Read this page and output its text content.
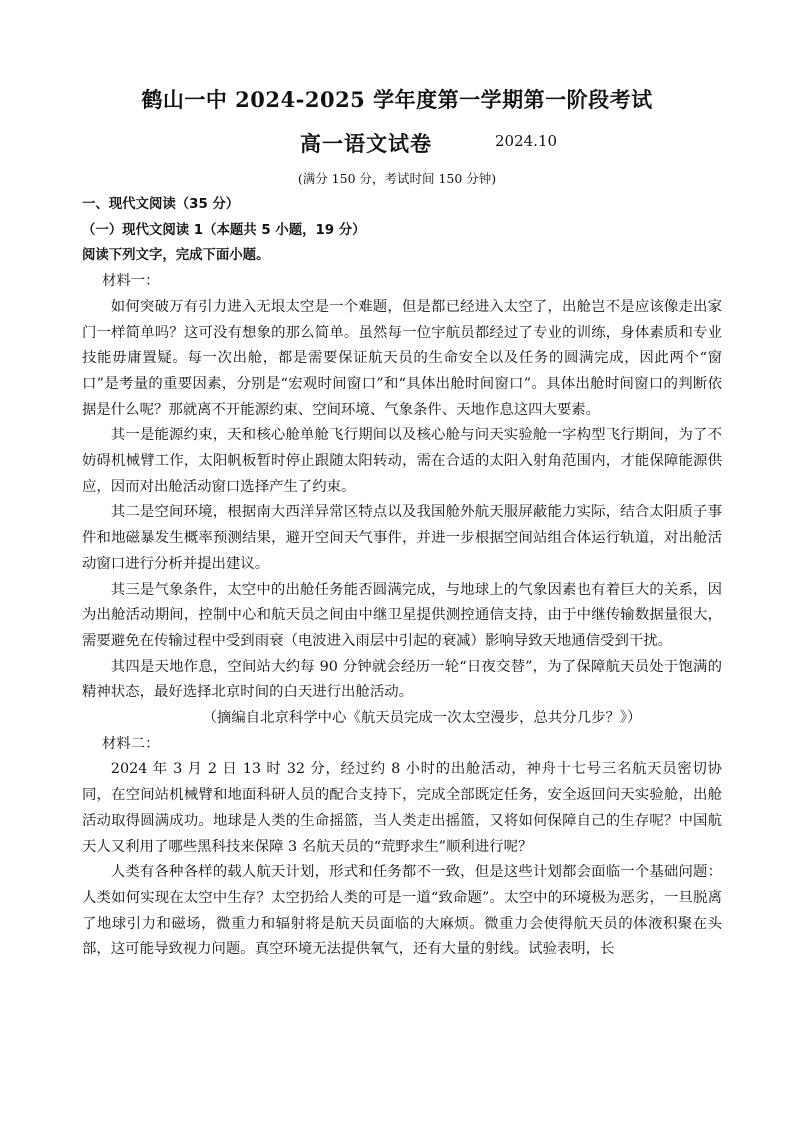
鹤山一中 2024-2025 学年度第一学期第一阶段考试
高一语文试卷	2024.10
(满分 150 分，考试时间 150 分钟)

一、现代文阅读（35 分）

（一）现代文阅读 1（本题共 5 小题，19 分）

阅读下列文字，完成下面小题。

材料一：

如何突破万有引力进入无垠太空是一个难题，但是都已经进入太空了，出舱岂不是应该像走出家门一样简单吗？这可没有想象的那么简单。虽然每一位宇航员都经过了专业的训练，身体素质和专业技能毋庸置疑。每一次出舱，都是需要保证航天员的生命安全以及任务的圆满完成，因此两个“窗口”是考量的重要因素，分别是“宏观时间窗口”和“具体出舱时间窗口”。具体出舱时间窗口的判断依据是什么呢？那就离不开能源约束、空间环境、气象条件、天地作息这四大要素。

其一是能源约束，天和核心舱单舱飞行期间以及核心舱与问天实验舱一字构型飞行期间，为了不妨碍机械臂工作，太阳帆板暂时停止跟随太阳转动，需在合适的太阳入射角范围内，才能保障能源供应，因而对出舱活动窗口选择产生了约束。

其二是空间环境，根据南大西洋异常区特点以及我国舱外航天服屏蔽能力实际，结合太阳质子事件和地磁暴发生概率预测结果，避开空间天气事件，并进一步根据空间站组合体运行轨道，对出舱活动窗口进行分析并提出建议。

其三是气象条件，太空中的出舱任务能否圆满完成，与地球上的气象因素也有着巨大的关系，因为出舱活动期间，控制中心和航天员之间由中继卫星提供测控通信支持，由于中继传输数据量很大，需要避免在传输过程中受到雨衰（电波进入雨层中引起的衰减）影响导致天地通信受到干扰。

其四是天地作息，空间站大约每 90 分钟就会经历一轮“日夜交替”，为了保障航天员处于饱满的精神状态，最好选择北京时间的白天进行出舱活动。

（摘编自北京科学中心《航天员完成一次太空漫步，总共分几步？》）

材料二：

2024 年 3 月 2 日 13 时 32 分，经过约 8 小时的出舱活动，神舟十七号三名航天员密切协同，在空间站机械臂和地面科研人员的配合支持下，完成全部既定任务，安全返回问天实验舱，出舱活动取得圆满成功。地球是人类的生命摇篮，当人类走出摇篮，又将如何保障自己的生存呢？中国航天人又利用了哪些黑科技来保障 3 名航天员的“荒野求生”顺利进行呢？

人类有各种各样的载人航天计划，形式和任务都不一致，但是这些计划都会面临一个基础问题：人类如何实现在太空中生存？太空扔给人类的可是一道“致命题”。太空中的环境极为恶劣，一旦脱离了地球引力和磁场，微重力和辐射将是航天员面临的大麻烦。微重力会使得航天员的体液积聚在头部，这可能导致视力问题。真空环境无法提供氧气，还有大量的射线。试验表明，长
